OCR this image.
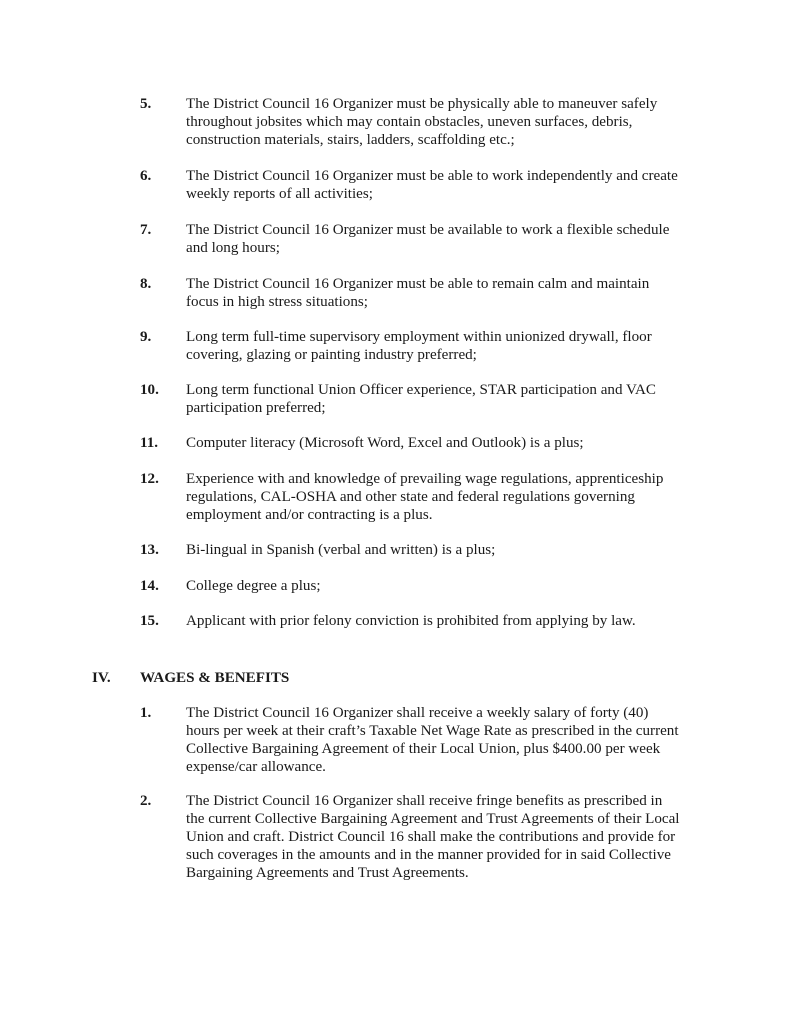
5. The District Council 16 Organizer must be physically able to maneuver safely
throughout jobsites which may contain obstacles, uneven surfaces, debris,
construction materials, stairs, ladders, scaffolding etc.;
6. The District Council 16 Organizer must be able to work independently and create
weekly reports of all activities;
7. The District Council 16 Organizer must be available to work a flexible schedule
and long hours;
8. The District Council 16 Organizer must be able to remain calm and maintain
focus in high stress situations;
9. Long term full-time supervisory employment within unionized drywall, floor
covering, glazing or painting industry preferred;
10. Long term functional Union Officer experience, STAR participation and VAC
participation preferred;
11. Computer literacy (Microsoft Word, Excel and Outlook) is a plus;
12. Experience with and knowledge of prevailing wage regulations, apprenticeship
regulations, CAL-OSHA and other state and federal regulations governing
employment and/or contracting is a plus.
13. Bi-lingual in Spanish (verbal and written) is a plus;
14. College degree a plus;
15. Applicant with prior felony conviction is prohibited from applying by law.
IV. WAGES & BENEFITS
1. The District Council 16 Organizer shall receive a weekly salary of forty (40)
hours per week at their craft’s Taxable Net Wage Rate as prescribed in the current
Collective Bargaining Agreement of their Local Union, plus $400.00 per week
expense/car allowance.
2. The District Council 16 Organizer shall receive fringe benefits as prescribed in
the current Collective Bargaining Agreement and Trust Agreements of their Local
Union and craft. District Council 16 shall make the contributions and provide for
such coverages in the amounts and in the manner provided for in said Collective
Bargaining Agreements and Trust Agreements.
